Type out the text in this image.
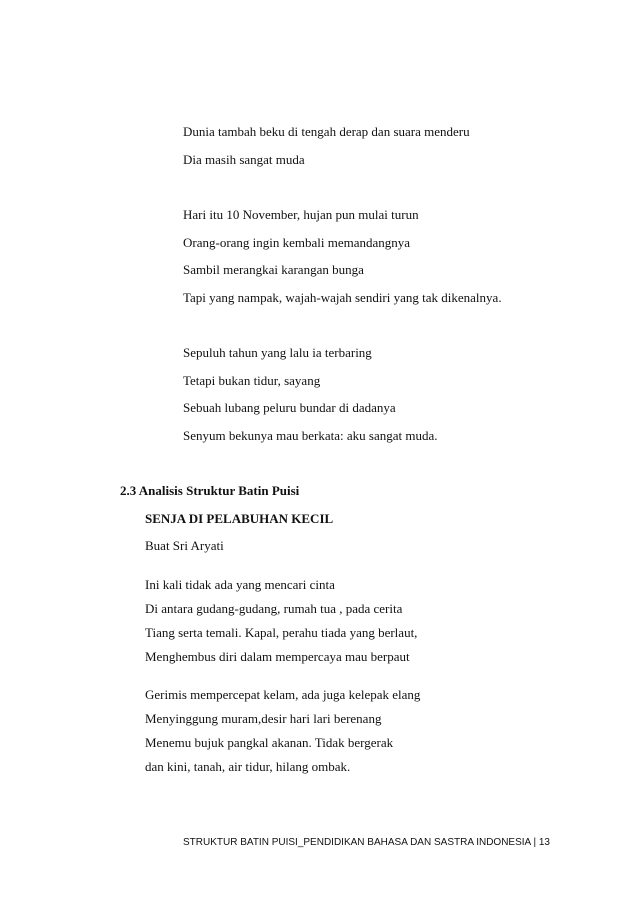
Dunia tambah beku di tengah derap dan suara menderu
Dia masih sangat muda
Hari itu 10 November, hujan pun mulai turun
Orang-orang ingin kembali memandangnya
Sambil merangkai karangan bunga
Tapi yang nampak, wajah-wajah sendiri yang tak dikenalnya.
Sepuluh tahun yang lalu ia terbaring
Tetapi bukan tidur, sayang
Sebuah lubang peluru bundar di dadanya
Senyum bekunya mau berkata: aku sangat muda.
2.3 Analisis Struktur Batin Puisi
SENJA DI PELABUHAN KECIL
Buat Sri Aryati
Ini kali tidak ada yang mencari cinta
Di antara gudang-gudang, rumah tua , pada cerita
Tiang serta temali. Kapal, perahu tiada yang berlaut,
Menghembus diri dalam mempercaya mau berpaut
Gerimis mempercepat kelam, ada juga kelepak elang
Menyinggung muram,desir hari lari berenang
Menemu bujuk pangkal akanan. Tidak bergerak
dan kini, tanah, air tidur, hilang ombak.
STRUKTUR BATIN PUISI_PENDIDIKAN BAHASA DAN SASTRA INDONESIA | 13
